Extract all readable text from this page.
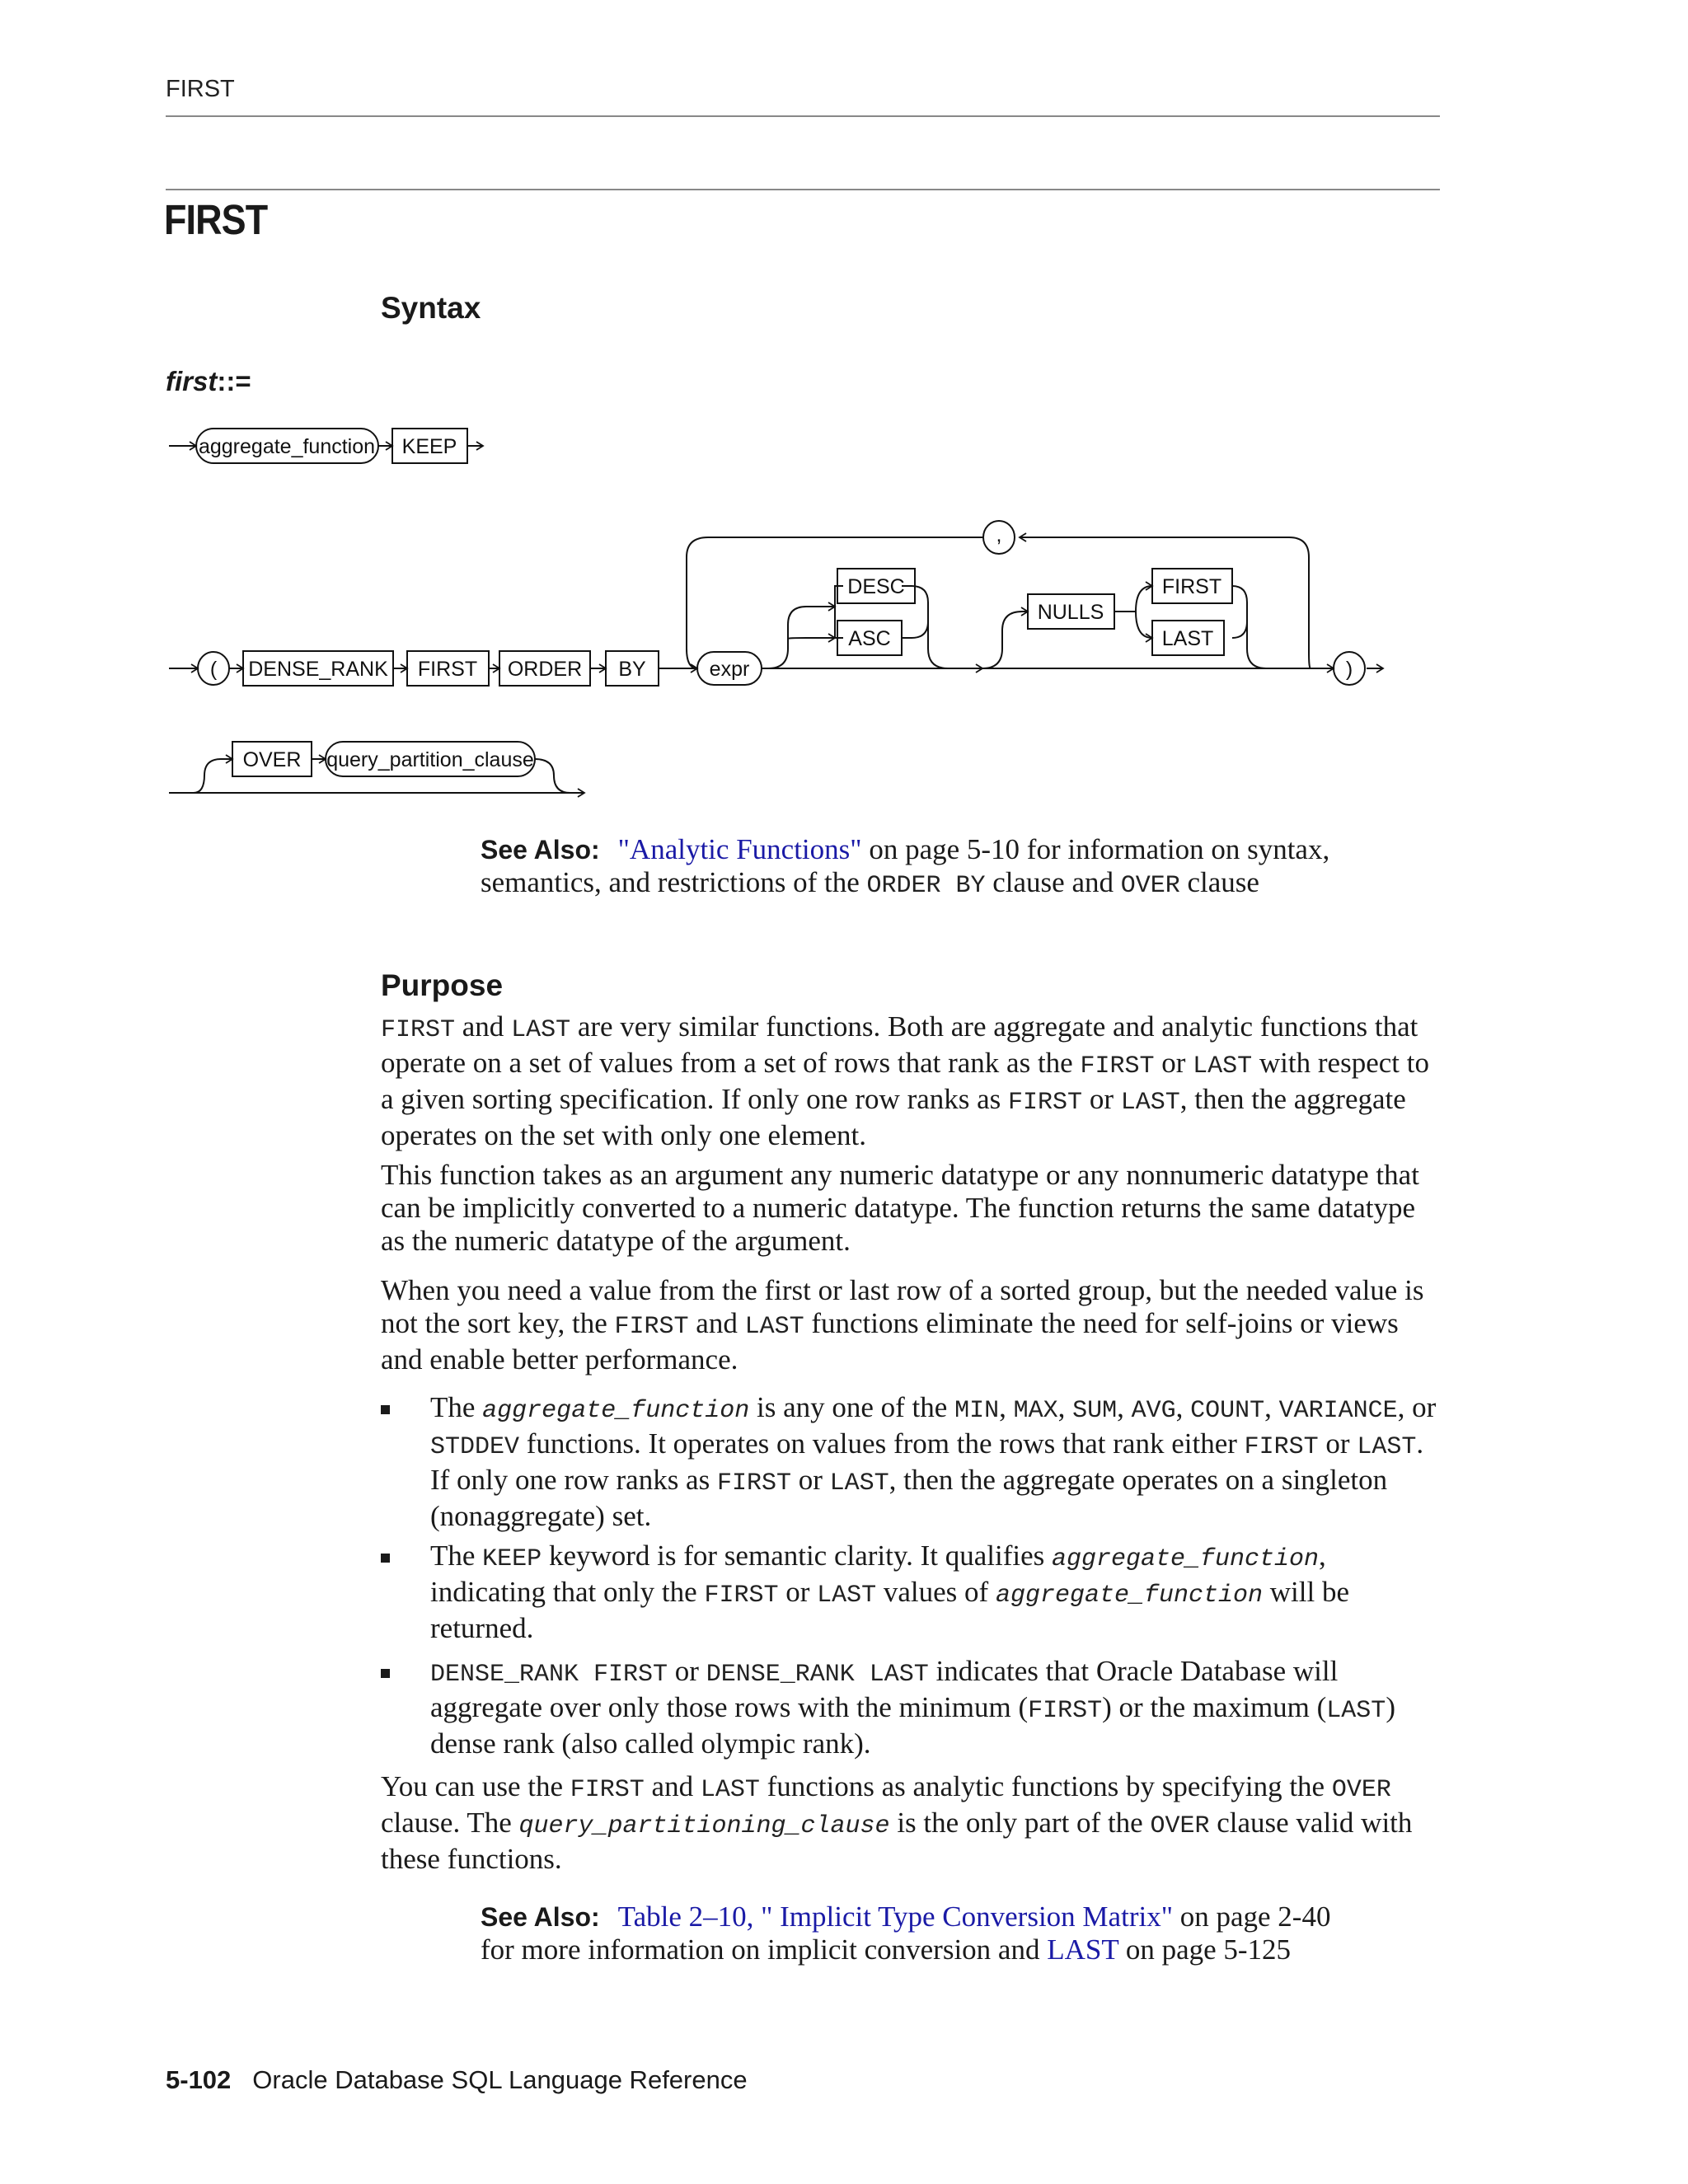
FIRST
FIRST
Syntax
first::=
aggregate_function KEEP
( DENSE_RANK FIRST ORDER BY	expr
,
DESC
ASC
NULLS
FIRST
LAST
)
OVER query_partition_clause
See Also: "Analytic Functions" on page 5-10 for information on syntax, semantics, and restrictions of the ORDER BY clause and OVER clause
Purpose

FIRST and LAST are very similar functions. Both are aggregate and analytic functions that operate on a set of values from a set of rows that rank as the FIRST or LAST with respect to a given sorting specification. If only one row ranks as FIRST or LAST, then the aggregate operates on the set with only one element.

This function takes as an argument any numeric datatype or any nonnumeric datatype that can be implicitly converted to a numeric datatype. The function returns the same datatype as the numeric datatype of the argument.

When you need a value from the first or last row of a sorted group, but the needed value is not the sort key, the FIRST and LAST functions eliminate the need for self-joins or views and enable better performance.

The aggregate_function is any one of the MIN, MAX, SUM, AVG, COUNT, VARIANCE, or STDDEV functions. It operates on values from the rows that rank either FIRST or LAST. If only one row ranks as FIRST or LAST, then the aggregate operates on a singleton (nonaggregate) set.
The KEEP keyword is for semantic clarity. It qualifies aggregate_function, indicating that only the FIRST or LAST values of aggregate_function will be returned.
DENSE_RANK FIRST or DENSE_RANK LAST indicates that Oracle Database will aggregate over only those rows with the minimum (FIRST) or the maximum (LAST) dense rank (also called olympic rank).

You can use the FIRST and LAST functions as analytic functions by specifying the OVER clause. The query_partitioning_clause is the only part of the OVER clause valid with these functions.

See Also: Table 2–10, " Implicit Type Conversion Matrix" on page 2-40 for more information on implicit conversion and LAST on page 5-125
5-102 Oracle Database SQL Language Reference
